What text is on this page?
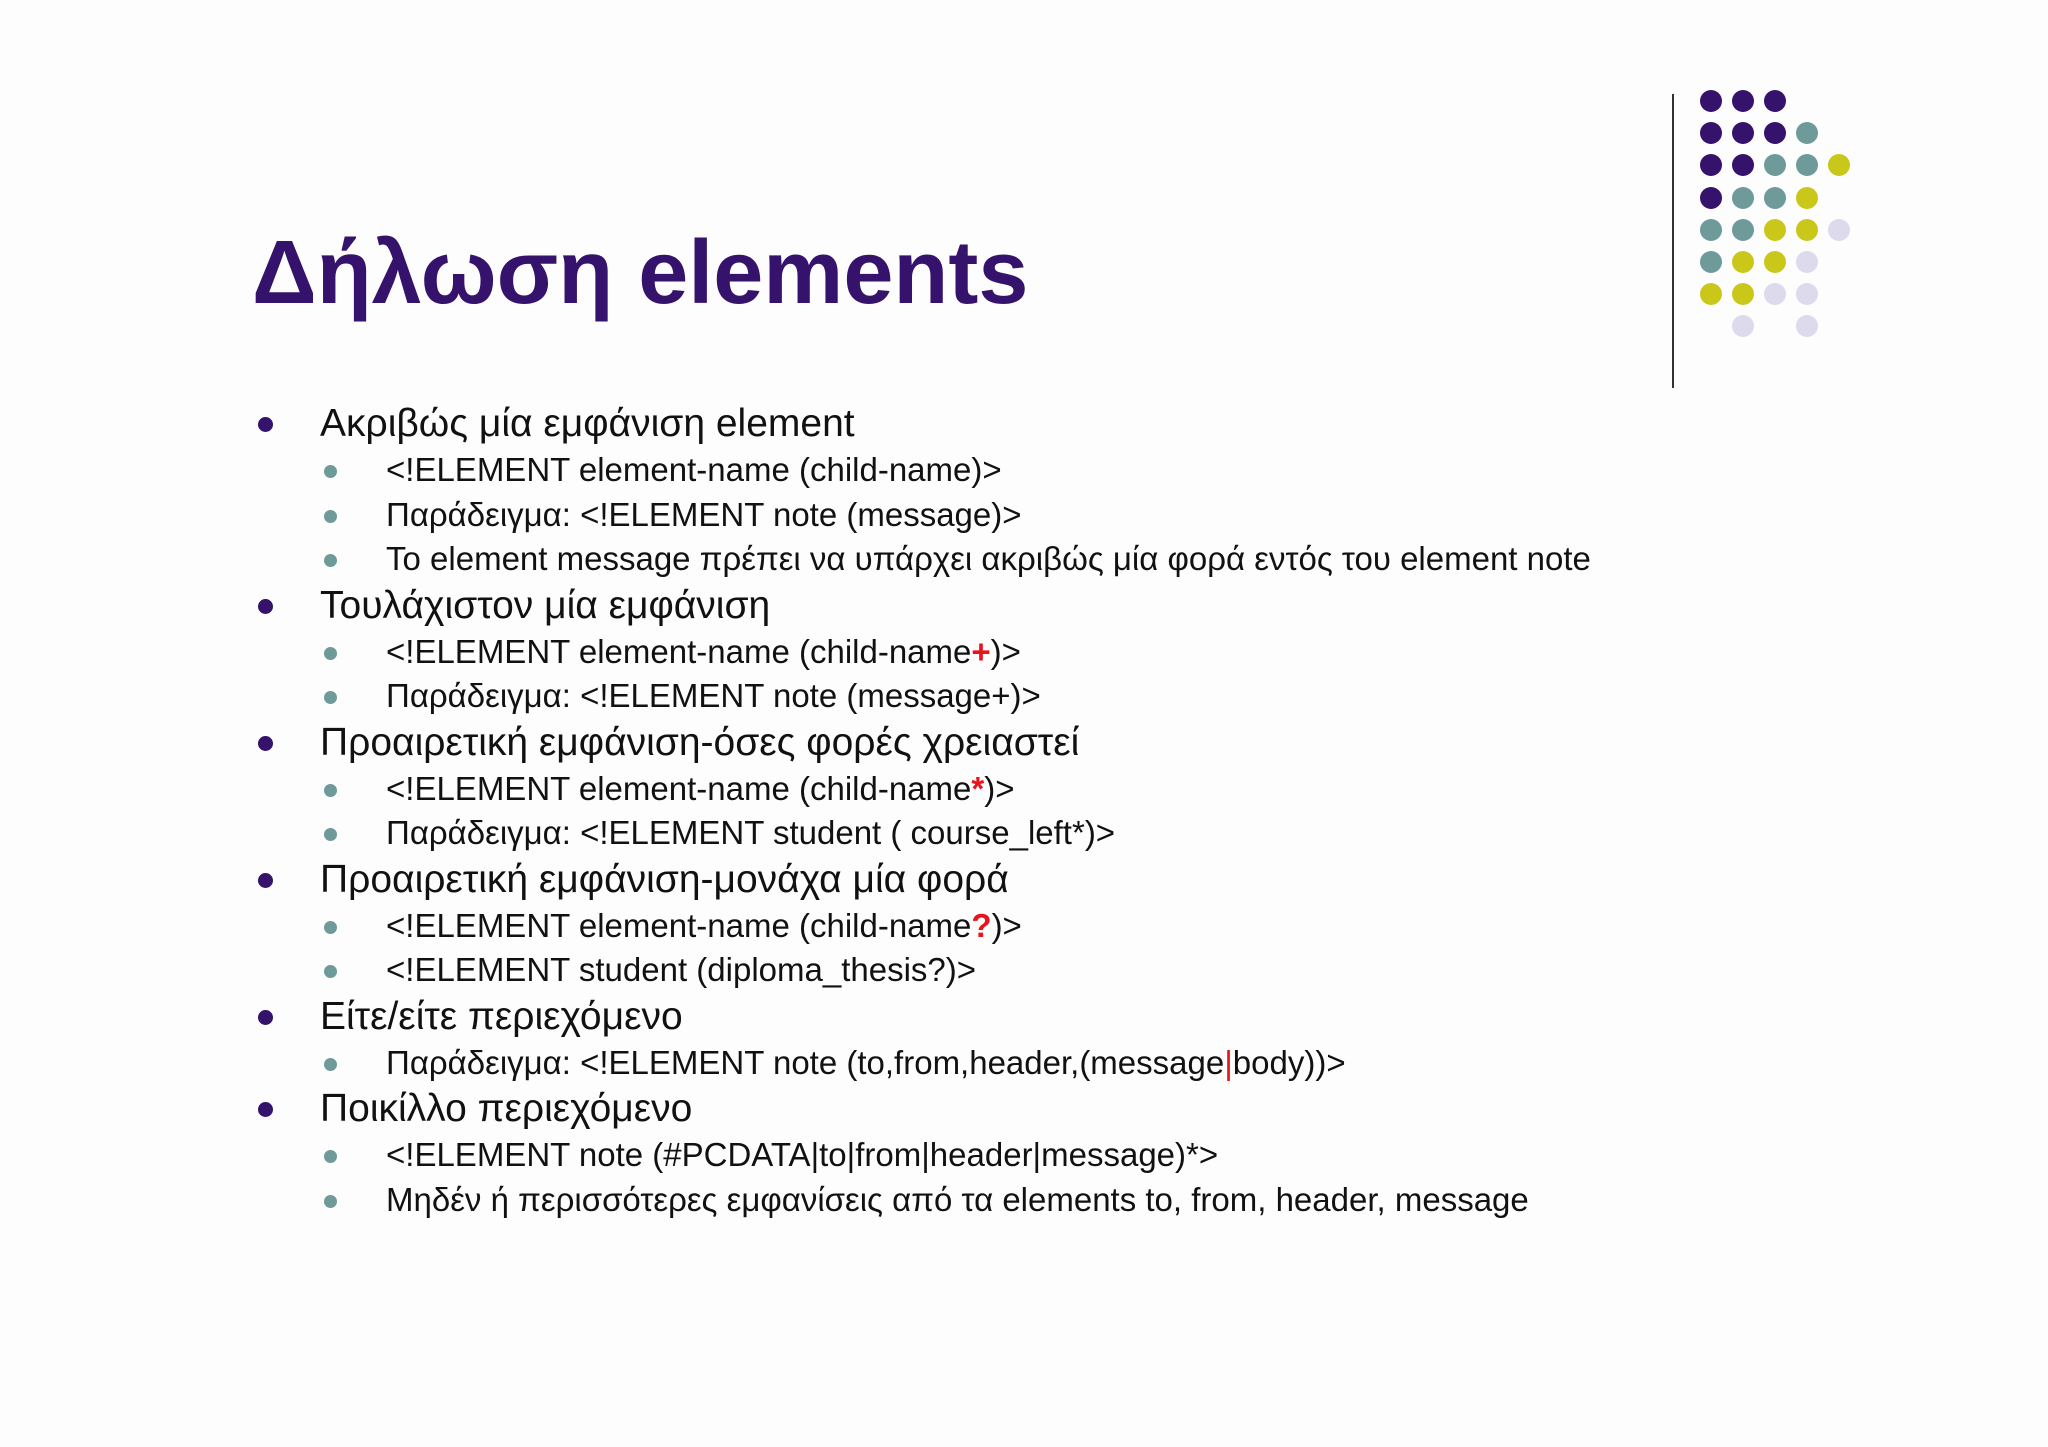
Δήλωση elements
Ακριβώς μία εμφάνιση element
<!ELEMENT element-name (child-name)>
Παράδειγμα: <!ELEMENT note (message)>
Το element message πρέπει να υπάρχει ακριβώς μία φορά εντός του element note
Τουλάχιστον μία εμφάνιση
<!ELEMENT element-name (child-name+)>
Παράδειγμα: <!ELEMENT note (message+)>
Προαιρετική εμφάνιση-όσες φορές χρειαστεί
<!ELEMENT element-name (child-name*)>
Παράδειγμα: <!ELEMENT student ( course_left*)>
Προαιρετική εμφάνιση-μονάχα μία φορά
<!ELEMENT element-name (child-name?)>
<!ELEMENT student (diploma_thesis?)>
Είτε/είτε περιεχόμενο
Παράδειγμα: <!ELEMENT note (to,from,header,(message|body))>
Ποικίλλο περιεχόμενο
<!ELEMENT note (#PCDATA|to|from|header|message)*>
Μηδέν ή περισσότερες εμφανίσεις από τα elements to, from, header, message
